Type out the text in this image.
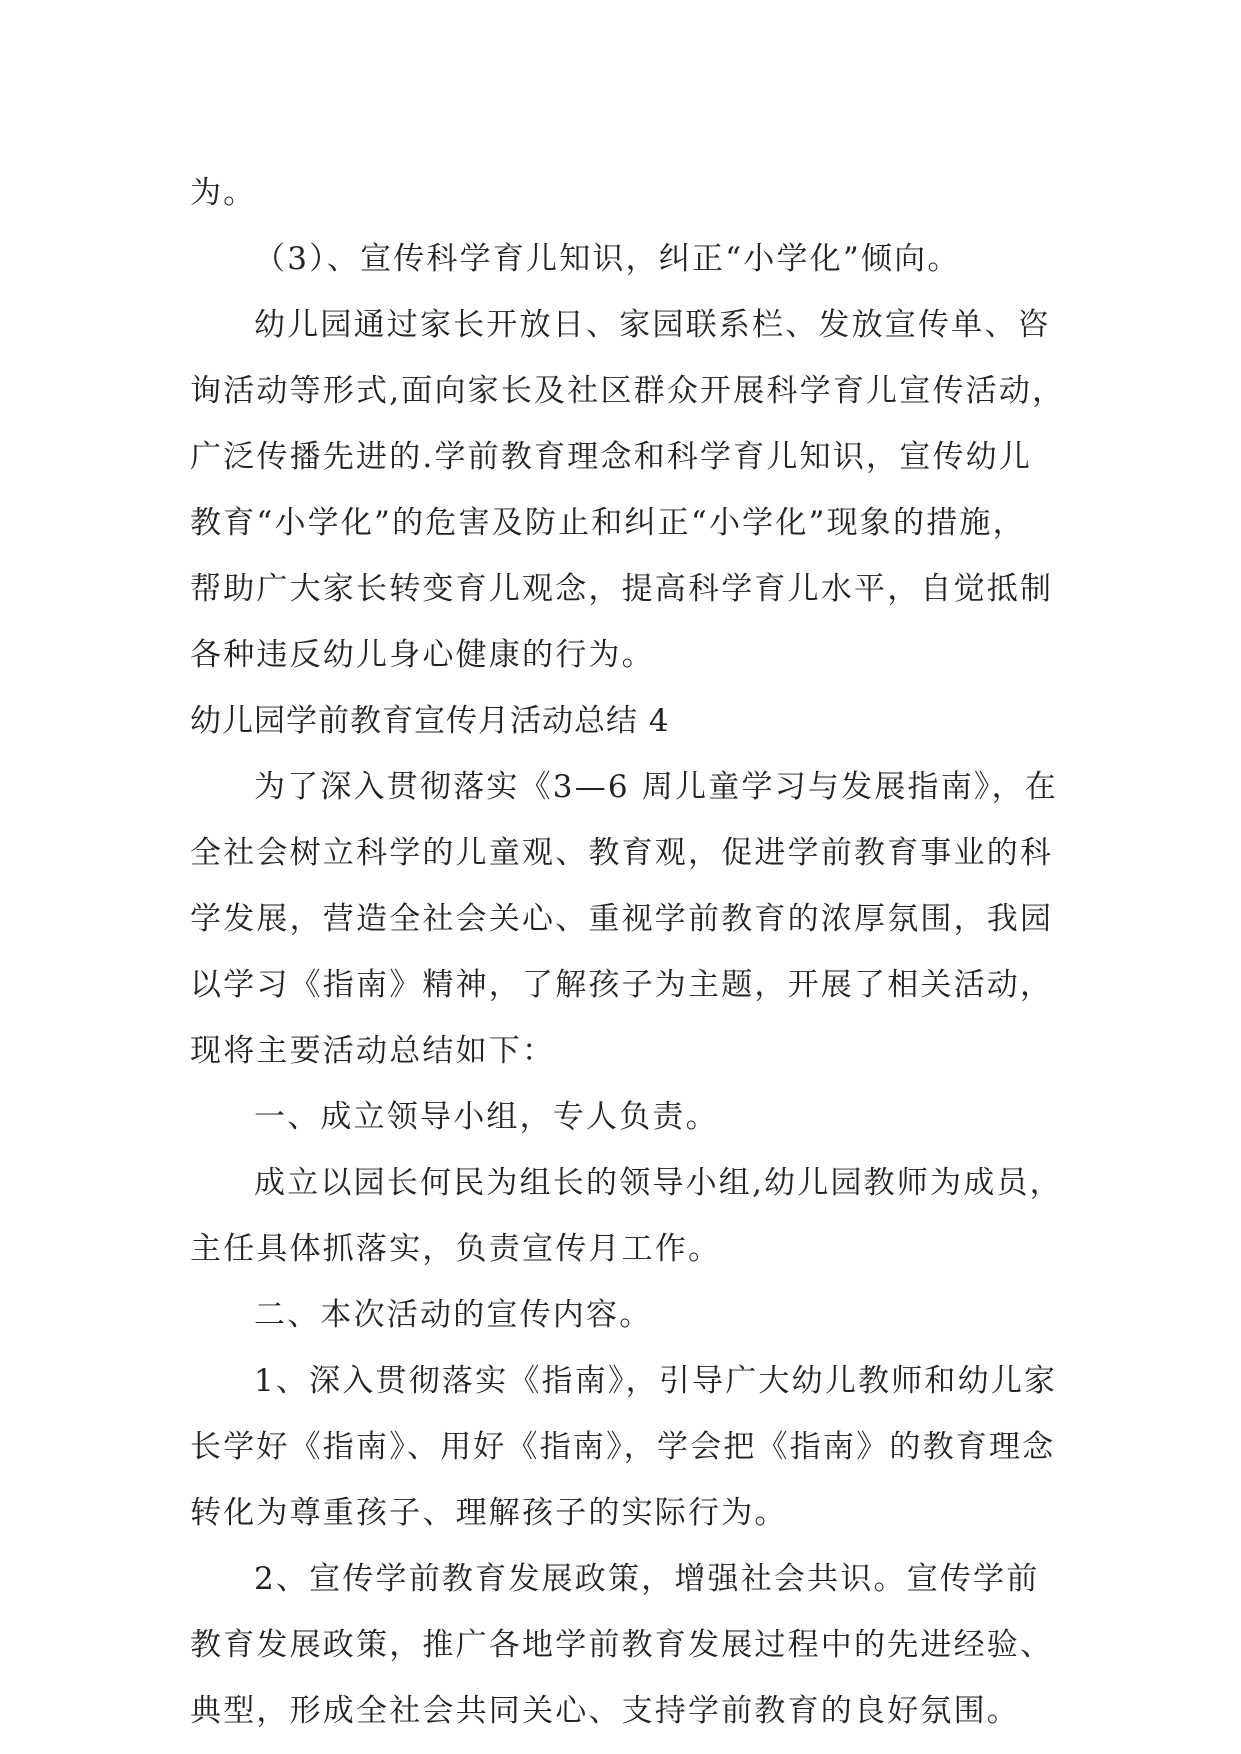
为。
（3）、宣传科学育儿知识，纠正“小学化”倾向。
幼儿园通过家长开放日、家园联系栏、发放宣传单、咨
询活动等形式,面向家长及社区群众开展科学育儿宣传活动，
广泛传播先进的.学前教育理念和科学育儿知识，宣传幼儿
教育“小学化”的危害及防止和纠正“小学化”现象的措施，
帮助广大家长转变育儿观念，提高科学育儿水平，自觉抵制
各种违反幼儿身心健康的行为。
幼儿园学前教育宣传月活动总结 4
为了深入贯彻落实《3—6 周儿童学习与发展指南》，在
全社会树立科学的儿童观、教育观，促进学前教育事业的科
学发展，营造全社会关心、重视学前教育的浓厚氛围，我园
以学习《指南》精神，了解孩子为主题，开展了相关活动，
现将主要活动总结如下：
一、成立领导小组，专人负责。
成立以园长何民为组长的领导小组,幼儿园教师为成员，
主任具体抓落实，负责宣传月工作。
二、本次活动的宣传内容。
1、深入贯彻落实《指南》，引导广大幼儿教师和幼儿家
长学好《指南》、用好《指南》，学会把《指南》的教育理念
转化为尊重孩子、理解孩子的实际行为。
2、宣传学前教育发展政策，增强社会共识。宣传学前
教育发展政策，推广各地学前教育发展过程中的先进经验、
典型，形成全社会共同关心、支持学前教育的良好氛围。
